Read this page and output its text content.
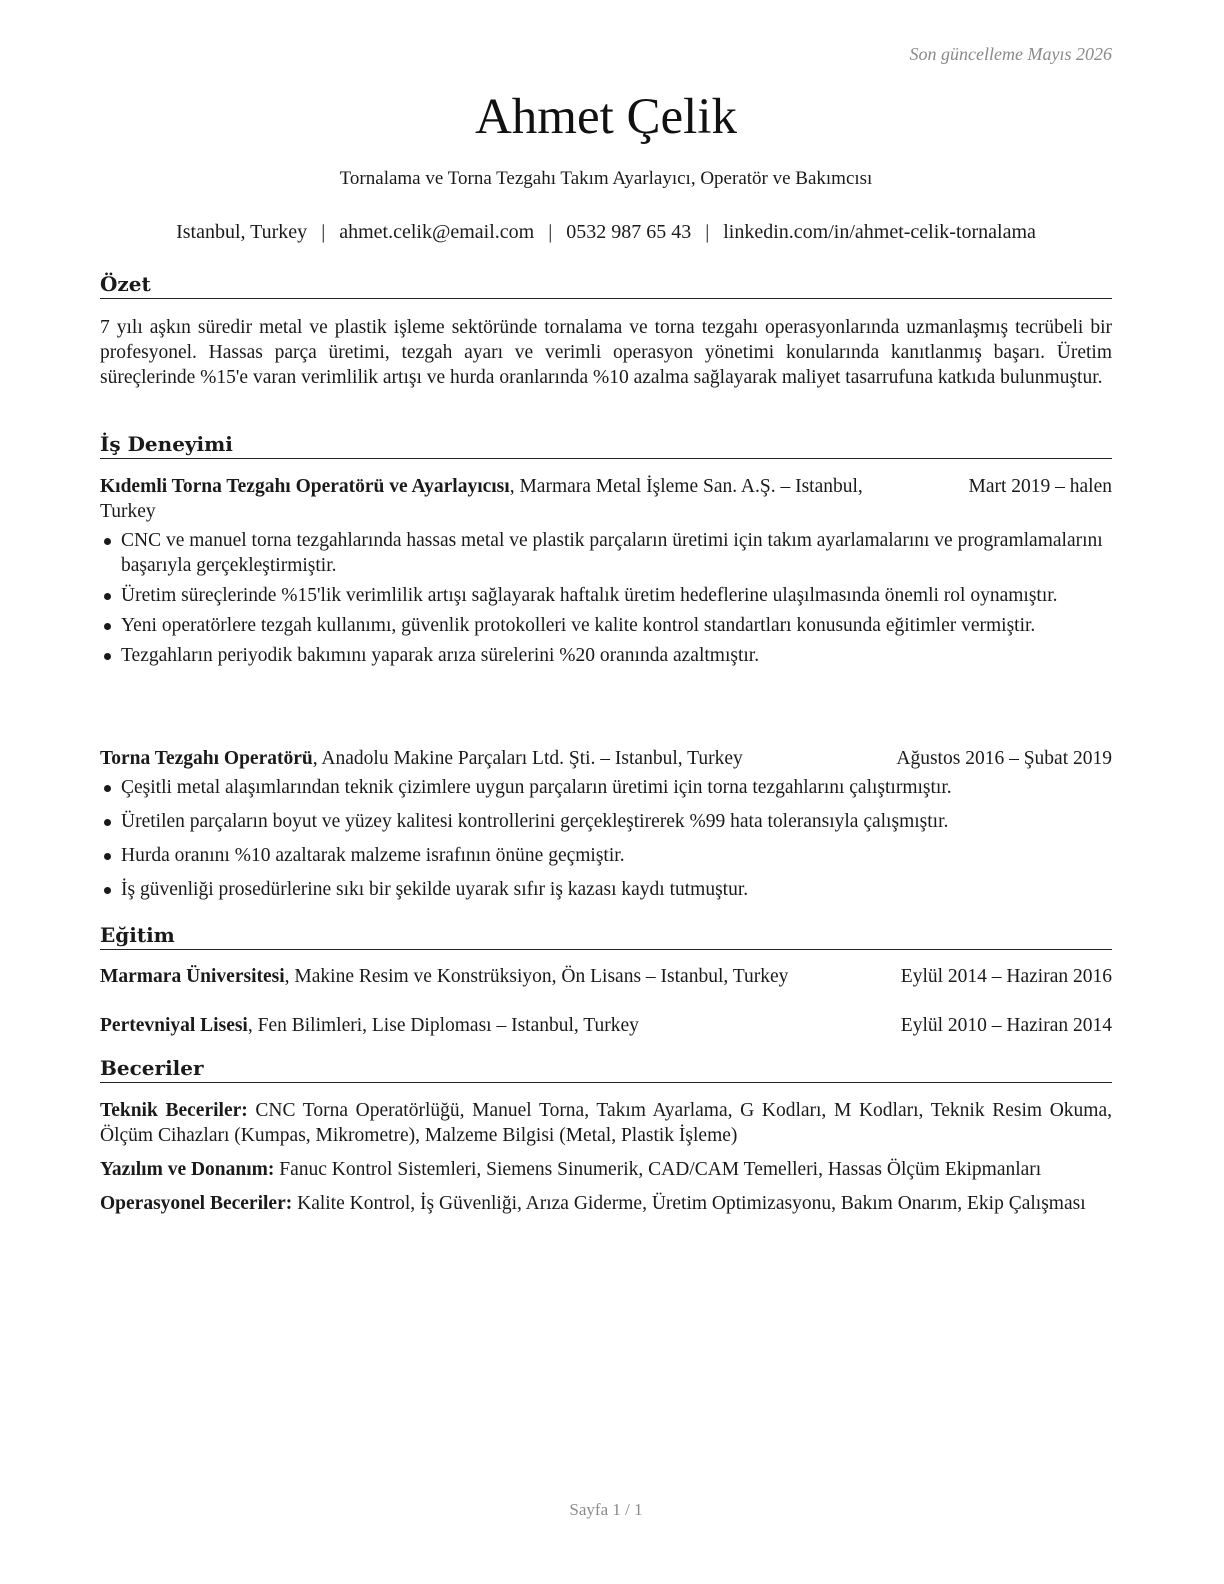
Son güncelleme Mayıs 2026
Ahmet Çelik
Tornalama ve Torna Tezgahı Takım Ayarlayıcı, Operatör ve Bakımcısı
Istanbul, Turkey | ahmet.celik@email.com | 0532 987 65 43 | linkedin.com/in/ahmet-celik-tornalama
Özet
7 yılı aşkın süredir metal ve plastik işleme sektöründe tornalama ve torna tezgahı operasyonlarında uzmanlaşmış tecrübeli bir profesyonel. Hassas parça üretimi, tezgah ayarı ve verimli operasyon yönetimi konularında kanıtlanmış başarı. Üretim süreçlerinde %15'e varan verimlilik artışı ve hurda oranlarında %10 azalma sağlayarak maliyet tasarrufuna katkıda bulunmuştur.
İş Deneyimi
Kıdemli Torna Tezgahı Operatörü ve Ayarlayıcısı, Marmara Metal İşleme San. A.Ş. – Istanbul, Turkey
Mart 2019 – halen
CNC ve manuel torna tezgahlarında hassas metal ve plastik parçaların üretimi için takım ayarlamalarını ve programlamalarını başarıyla gerçekleştirmiştir.
Üretim süreçlerinde %15'lik verimlilik artışı sağlayarak haftalık üretim hedeflerine ulaşılmasında önemli rol oynamıştır.
Yeni operatörlere tezgah kullanımı, güvenlik protokolleri ve kalite kontrol standartları konusunda eğitimler vermiştir.
Tezgahların periyodik bakımını yaparak arıza sürelerini %20 oranında azaltmıştır.
Torna Tezgahı Operatörü, Anadolu Makine Parçaları Ltd. Şti. – Istanbul, Turkey	Ağustos 2016 – Şubat 2019
Çeşitli metal alaşımlarından teknik çizimlere uygun parçaların üretimi için torna tezgahlarını çalıştırmıştır.
Üretilen parçaların boyut ve yüzey kalitesi kontrollerini gerçekleştirerek %99 hata toleransıyla çalışmıştır.
Hurda oranını %10 azaltarak malzeme israfının önüne geçmiştir.
İş güvenliği prosedürlerine sıkı bir şekilde uyarak sıfır iş kazası kaydı tutmuştur.
Eğitim
Marmara Üniversitesi, Makine Resim ve Konstrüksiyon, Ön Lisans – Istanbul, Turkey	Eylül 2014 – Haziran 2016
Pertevniyal Lisesi, Fen Bilimleri, Lise Diploması – Istanbul, Turkey	Eylül 2010 – Haziran 2014
Beceriler

Teknik Beceriler: CNC Torna Operatörlüğü, Manuel Torna, Takım Ayarlama, G Kodları, M Kodları, Teknik Resim Okuma, Ölçüm Cihazları (Kumpas, Mikrometre), Malzeme Bilgisi (Metal, Plastik İşleme)

Yazılım ve Donanım: Fanuc Kontrol Sistemleri, Siemens Sinumerik, CAD/CAM Temelleri, Hassas Ölçüm Ekipmanları

Operasyonel Beceriler: Kalite Kontrol, İş Güvenliği, Arıza Giderme, Üretim Optimizasyonu, Bakım Onarım, Ekip Çalışması

Sayfa 1 / 1
